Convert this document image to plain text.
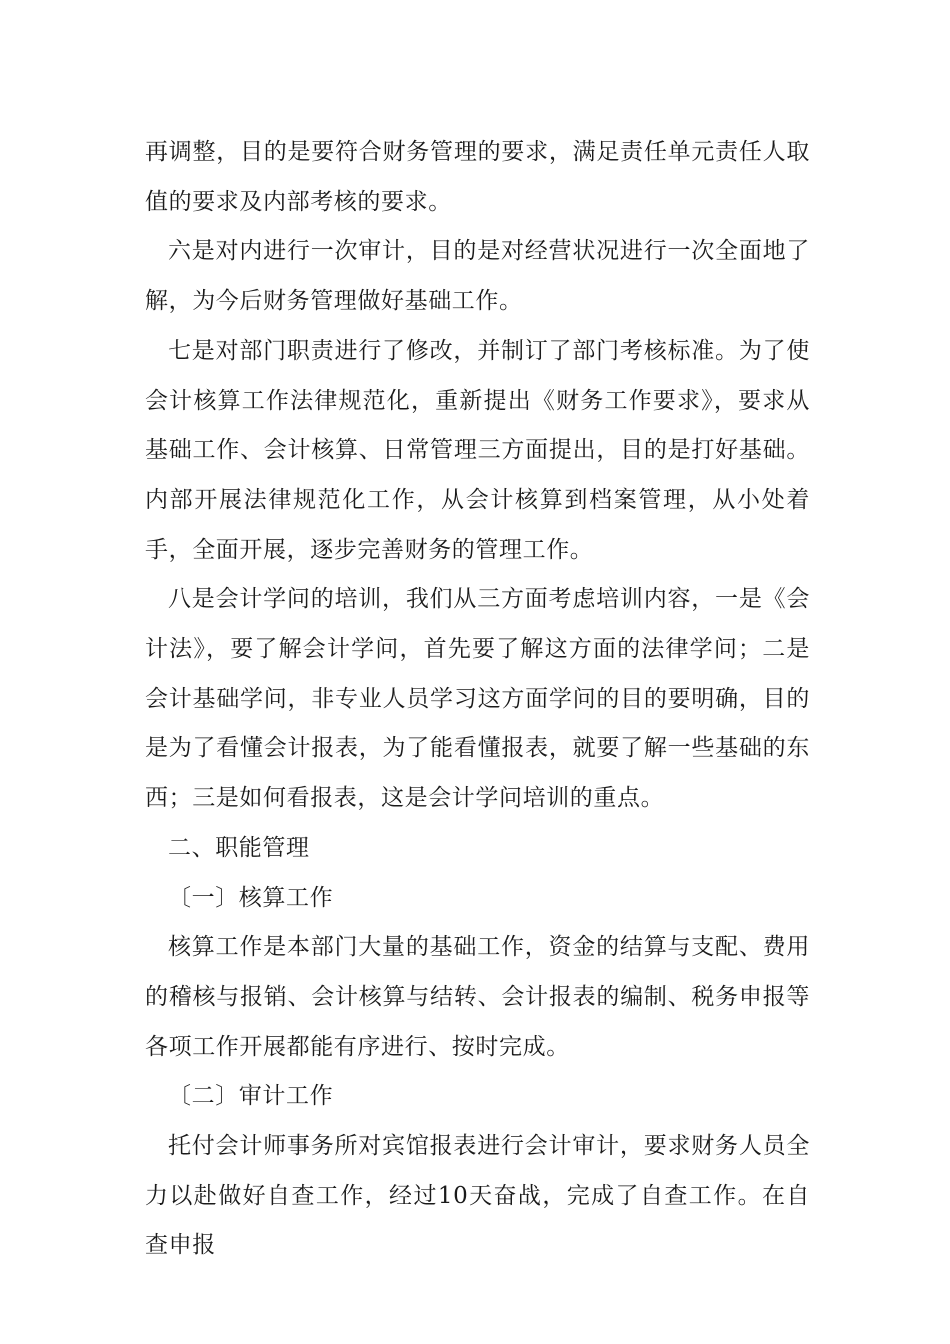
再调整，目的是要符合财务管理的要求，满足责任单元责任人取值的要求及内部考核的要求。

六是对内进行一次审计，目的是对经营状况进行一次全面地了解，为今后财务管理做好基础工作。

七是对部门职责进行了修改，并制订了部门考核标准。为了使会计核算工作法律规范化，重新提出《财务工作要求》，要求从基础工作、会计核算、日常管理三方面提出，目的是打好基础。内部开展法律规范化工作，从会计核算到档案管理，从小处着手，全面开展，逐步完善财务的管理工作。

八是会计学问的培训，我们从三方面考虑培训内容，一是《会计法》，要了解会计学问，首先要了解这方面的法律学问；二是会计基础学问，非专业人员学习这方面学问的目的要明确，目的是为了看懂会计报表，为了能看懂报表，就要了解一些基础的东西；三是如何看报表，这是会计学问培训的重点。

二、职能管理

〔一〕核算工作

核算工作是本部门大量的基础工作，资金的结算与支配、费用的稽核与报销、会计核算与结转、会计报表的编制、税务申报等各项工作开展都能有序进行、按时完成。

〔二〕审计工作

托付会计师事务所对宾馆报表进行会计审计，要求财务人员全力以赴做好自查工作，经过10天奋战，完成了自查工作。在自查申报
